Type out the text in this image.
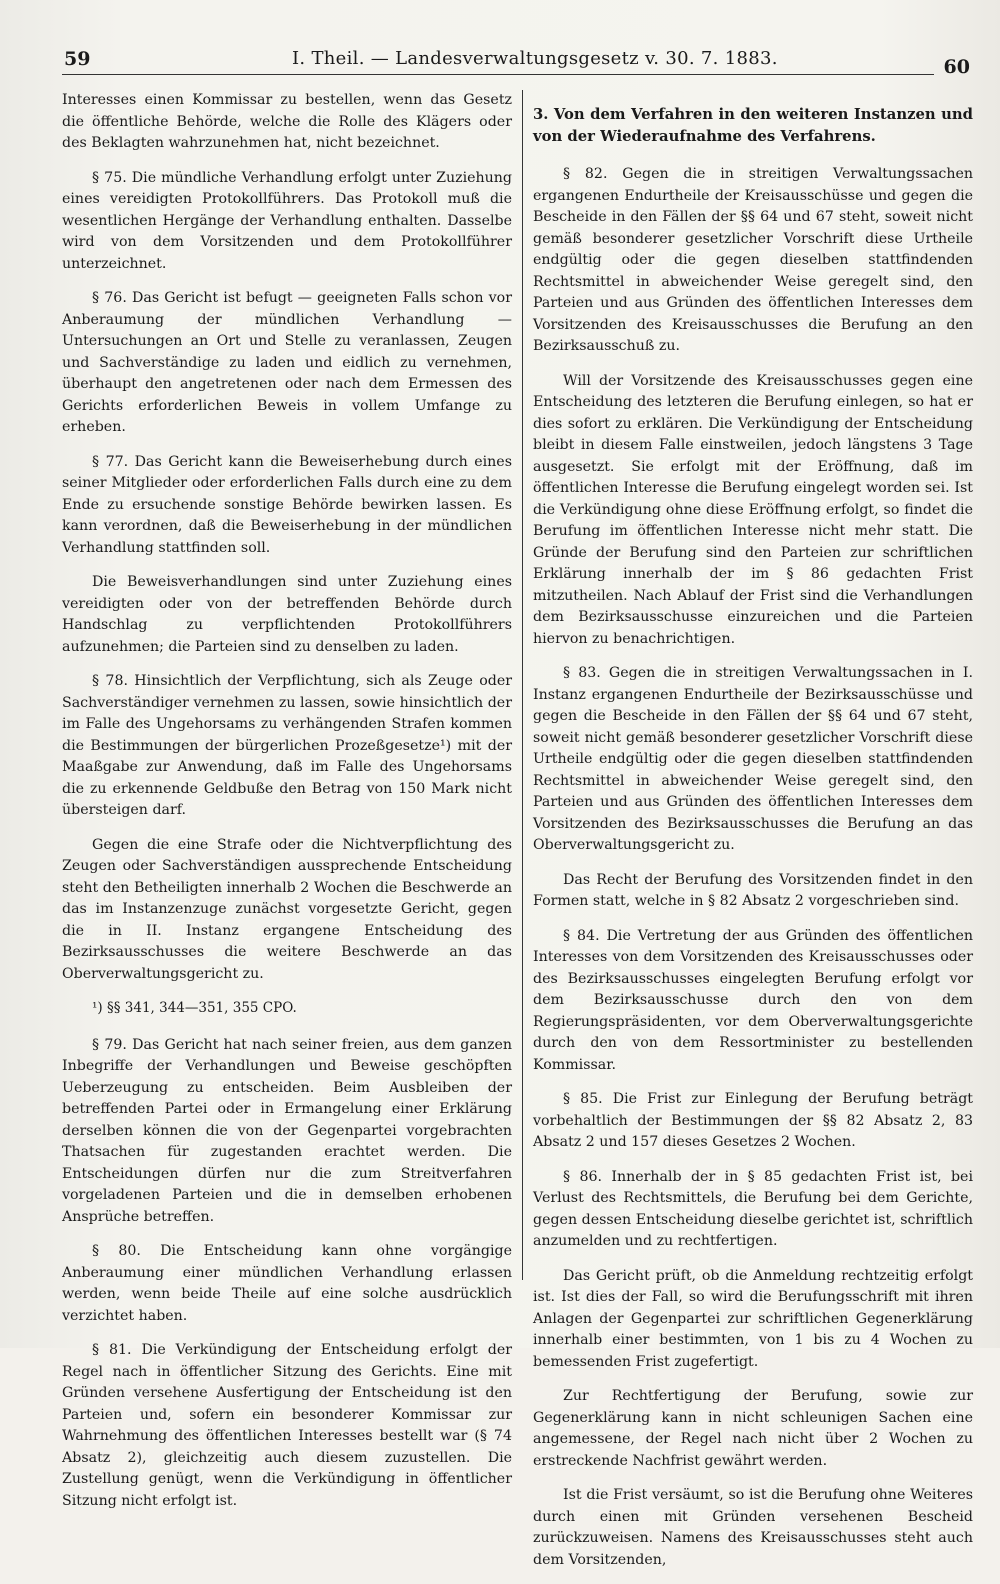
59	I. Theil. — Landesverwaltungsgesetz v. 30. 7. 1883.	60

Interesses einen Kommissar zu bestellen, wenn das Gesetz die öffentliche Behörde, welche die Rolle des Klägers oder des Beklagten wahrzunehmen hat, nicht bezeichnet.

§ 75. Die mündliche Verhandlung erfolgt unter Zuziehung eines vereidigten Protokollführers. Das Protokoll muß die wesentlichen Hergänge der Verhandlung enthalten. Dasselbe wird von dem Vorsitzenden und dem Protokollführer unterzeichnet.

§ 76. Das Gericht ist befugt — geeigneten Falls schon vor Anberaumung der mündlichen Verhandlung — Untersuchungen an Ort und Stelle zu veranlassen, Zeugen und Sachverständige zu laden und eidlich zu vernehmen, überhaupt den angetretenen oder nach dem Ermessen des Gerichts erforderlichen Beweis in vollem Umfange zu erheben.

§ 77. Das Gericht kann die Beweiserhebung durch eines seiner Mitglieder oder erforderlichen Falls durch eine zu dem Ende zu ersuchende sonstige Behörde bewirken lassen. Es kann verordnen, daß die Beweiserhebung in der mündlichen Verhandlung stattfinden soll.

Die Beweisverhandlungen sind unter Zuziehung eines vereidigten oder von der betreffenden Behörde durch Handschlag zu verpflichtenden Protokollführers aufzunehmen; die Parteien sind zu denselben zu laden.

§ 78. Hinsichtlich der Verpflichtung, sich als Zeuge oder Sachverständiger vernehmen zu lassen, sowie hinsichtlich der im Falle des Ungehorsams zu verhängenden Strafen kommen die Bestimmungen der bürgerlichen Prozeßgesetze¹) mit der Maaßgabe zur Anwendung, daß im Falle des Ungehorsams die zu erkennende Geldbuße den Betrag von 150 Mark nicht übersteigen darf.

Gegen die eine Strafe oder die Nichtverpflichtung des Zeugen oder Sachverständigen aussprechende Entscheidung steht den Betheiligten innerhalb 2 Wochen die Beschwerde an das im Instanzenzuge zunächst vorgesetzte Gericht, gegen die in II. Instanz ergangene Entscheidung des Bezirksausschusses die weitere Beschwerde an das Oberverwaltungsgericht zu.

¹) §§ 341, 344—351, 355 CPO.

§ 79. Das Gericht hat nach seiner freien, aus dem ganzen Inbegriffe der Verhandlungen und Beweise geschöpften Ueberzeugung zu entscheiden. Beim Ausbleiben der betreffenden Partei oder in Ermangelung einer Erklärung derselben können die von der Gegenpartei vorgebrachten Thatsachen für zugestanden erachtet werden. Die Entscheidungen dürfen nur die zum Streitverfahren vorgeladenen Parteien und die in demselben erhobenen Ansprüche betreffen.

§ 80. Die Entscheidung kann ohne vorgängige Anberaumung einer mündlichen Verhandlung erlassen werden, wenn beide Theile auf eine solche ausdrücklich verzichtet haben.

§ 81. Die Verkündigung der Entscheidung erfolgt der Regel nach in öffentlicher Sitzung des Gerichts. Eine mit Gründen versehene Ausfertigung der Entscheidung ist den Parteien und, sofern ein besonderer Kommissar zur Wahrnehmung des öffentlichen Interesses bestellt war (§ 74 Absatz 2), gleichzeitig auch diesem zuzustellen. Die Zustellung genügt, wenn die Verkündigung in öffentlicher Sitzung nicht erfolgt ist.

3. Von dem Verfahren in den weiteren Instanzen und von der Wiederaufnahme des Verfahrens.

§ 82. Gegen die in streitigen Verwaltungssachen ergangenen Endurtheile der Kreisausschüsse und gegen die Bescheide in den Fällen der §§ 64 und 67 steht, soweit nicht gemäß besonderer gesetzlicher Vorschrift diese Urtheile endgültig oder die gegen dieselben stattfindenden Rechtsmittel in abweichender Weise geregelt sind, den Parteien und aus Gründen des öffentlichen Interesses dem Vorsitzenden des Kreisausschusses die Berufung an den Bezirksausschuß zu.

Will der Vorsitzende des Kreisausschusses gegen eine Entscheidung des letzteren die Berufung einlegen, so hat er dies sofort zu erklären. Die Verkündigung der Entscheidung bleibt in diesem Falle einstweilen, jedoch längstens 3 Tage ausgesetzt. Sie erfolgt mit der Eröffnung, daß im öffentlichen Interesse die Berufung eingelegt worden sei. Ist die Verkündigung ohne diese Eröffnung erfolgt, so findet die Berufung im öffentlichen Interesse nicht mehr statt. Die Gründe der Berufung sind den Parteien zur schriftlichen Erklärung innerhalb der im § 86 gedachten Frist mitzutheilen. Nach Ablauf der Frist sind die Verhandlungen dem Bezirksausschusse einzureichen und die Parteien hiervon zu benachrichtigen.

§ 83. Gegen die in streitigen Verwaltungssachen in I. Instanz ergangenen Endurtheile der Bezirksausschüsse und gegen die Bescheide in den Fällen der §§ 64 und 67 steht, soweit nicht gemäß besonderer gesetzlicher Vorschrift diese Urtheile endgültig oder die gegen dieselben stattfindenden Rechtsmittel in abweichender Weise geregelt sind, den Parteien und aus Gründen des öffentlichen Interesses dem Vorsitzenden des Bezirksausschusses die Berufung an das Oberverwaltungsgericht zu.

Das Recht der Berufung des Vorsitzenden findet in den Formen statt, welche in § 82 Absatz 2 vorgeschrieben sind.

§ 84. Die Vertretung der aus Gründen des öffentlichen Interesses von dem Vorsitzenden des Kreisausschusses oder des Bezirksausschusses eingelegten Berufung erfolgt vor dem Bezirksausschusse durch den von dem Regierungspräsidenten, vor dem Oberverwaltungsgerichte durch den von dem Ressortminister zu bestellenden Kommissar.

§ 85. Die Frist zur Einlegung der Berufung beträgt vorbehaltlich der Bestimmungen der §§ 82 Absatz 2, 83 Absatz 2 und 157 dieses Gesetzes 2 Wochen.

§ 86. Innerhalb der in § 85 gedachten Frist ist, bei Verlust des Rechtsmittels, die Berufung bei dem Gerichte, gegen dessen Entscheidung dieselbe gerichtet ist, schriftlich anzumelden und zu rechtfertigen.

Das Gericht prüft, ob die Anmeldung rechtzeitig erfolgt ist. Ist dies der Fall, so wird die Berufungsschrift mit ihren Anlagen der Gegenpartei zur schriftlichen Gegenerklärung innerhalb einer bestimmten, von 1 bis zu 4 Wochen zu bemessenden Frist zugefertigt.

Zur Rechtfertigung der Berufung, sowie zur Gegenerklärung kann in nicht schleunigen Sachen eine angemessene, der Regel nach nicht über 2 Wochen zu erstreckende Nachfrist gewährt werden.

Ist die Frist versäumt, so ist die Berufung ohne Weiteres durch einen mit Gründen versehenen Bescheid zurückzuweisen. Namens des Kreisausschusses steht auch dem Vorsitzenden,
